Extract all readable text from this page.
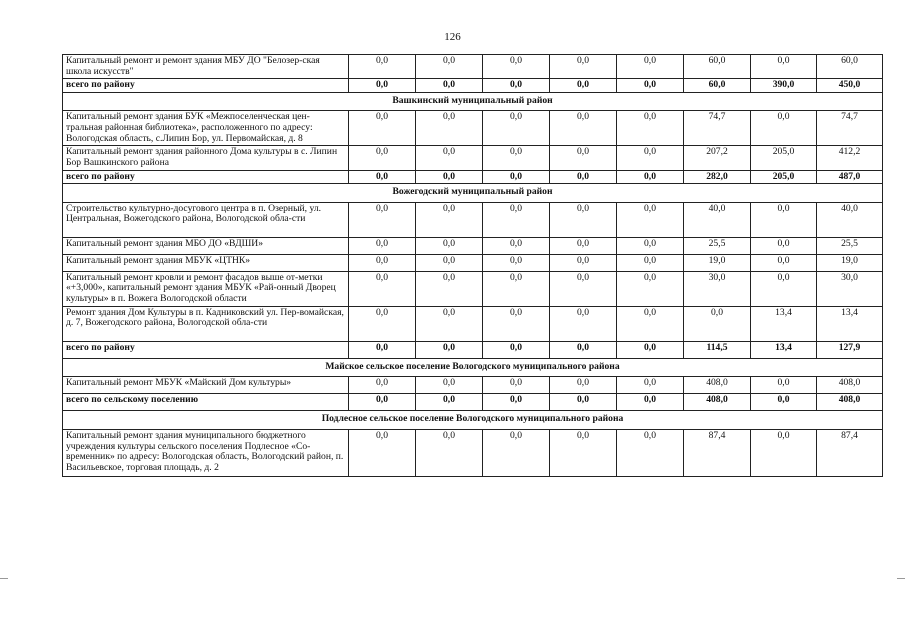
126
Капитальный ремонт и ремонт здания МБУ ДО "Белозер-ская школа искусств"	0,0	0,0	0,0	0,0	0,0	60,0	0,0	60,0
всего по району	0,0	0,0	0,0	0,0	0,0	60,0	390,0	450,0
Вашкинский муниципальный район								
Капитальный ремонт здания БУК «Межпоселенческая цен-тральная районная библиотека», расположенного по адресу: Вологодская область, с.Липин Бор, ул. Первомайская, д. 8	0,0	0,0	0,0	0,0	0,0	74,7	0,0	74,7
Капитальный ремонт здания районного Дома культуры в с. Липин Бор Вашкинского района	0,0	0,0	0,0	0,0	0,0	207,2	205,0	412,2
всего по району	0,0	0,0	0,0	0,0	0,0	282,0	205,0	487,0
Вожегодский муниципальный район								
Строительство культурно-досугового центра в п. Озерный, ул. Центральная, Вожегодского района, Вологодской обла-сти	0,0	0,0	0,0	0,0	0,0	40,0	0,0	40,0
Капитальный ремонт здания МБО ДО «ВДШИ»	0,0	0,0	0,0	0,0	0,0	25,5	0,0	25,5
Капитальный ремонт здания МБУК «ЦТНК»	0,0	0,0	0,0	0,0	0,0	19,0	0,0	19,0
Капитальный ремонт кровли и ремонт фасадов выше от-метки «+3,000», капитальный ремонт здания МБУК «Рай-онный Дворец культуры» в п. Вожега Вологодской области	0,0	0,0	0,0	0,0	0,0	30,0	0,0	30,0
Ремонт здания Дом Культуры в п. Кадниковский ул. Пер-вомайская, д. 7, Вожегодского района, Вологодской обла-сти	0,0	0,0	0,0	0,0	0,0	0,0	13,4	13,4
всего по району	0,0	0,0	0,0	0,0	0,0	114,5	13,4	127,9
Майское сельское поселение Вологодского муниципального района								
Капитальный ремонт МБУК «Майский Дом культуры»	0,0	0,0	0,0	0,0	0,0	408,0	0,0	408,0
всего по сельскому поселению	0,0	0,0	0,0	0,0	0,0	408,0	0,0	408,0
Подлесное сельское поселение Вологодского муниципального района								
Капитальный ремонт здания муниципального бюджетного учреждения культуры сельского поселения Подлесное «Со-временник» по адресу: Вологодская область, Вологодский район, п. Васильевское, торговая площадь, д. 2	0,0	0,0	0,0	0,0	0,0	87,4	0,0	87,4
